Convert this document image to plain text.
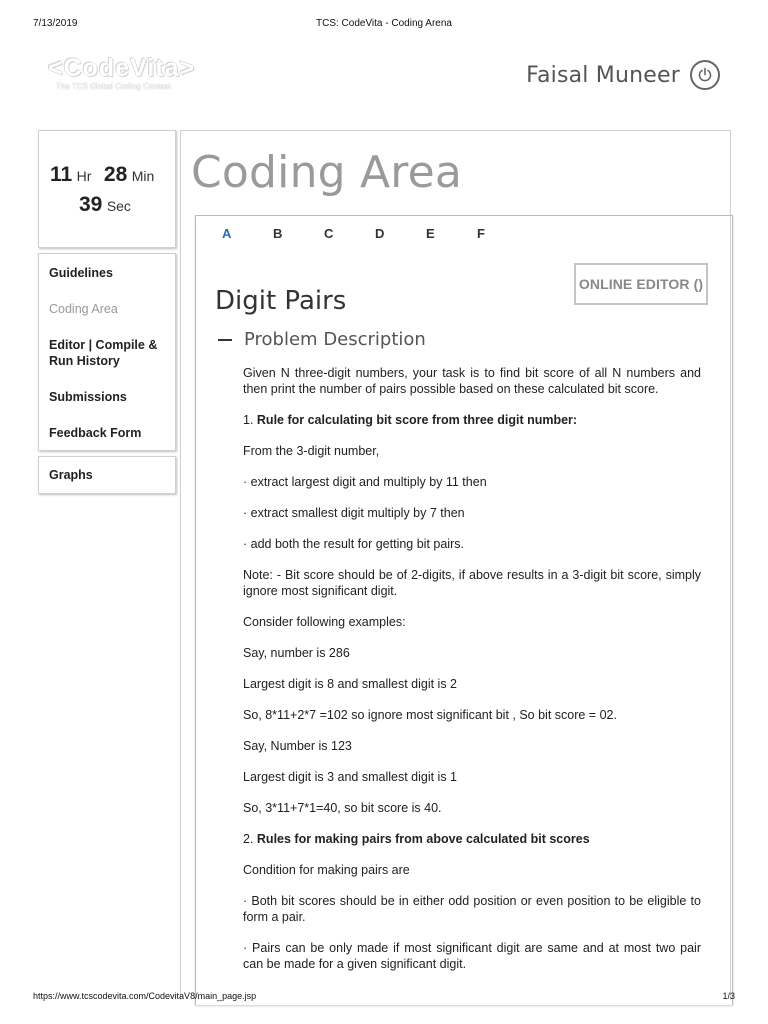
7/13/2019	TCS: CodeVita - Coding Arena
<CodeVita>
The TCS Global Coding Contest	Faisal Muneer
11 Hr 28 Min
39 Sec
Guidelines
Coding Area
Editor | Compile & Run History
Submissions
Feedback Form
Graphs
Coding Area
A	B	C	D	E	F
ONLINE EDITOR ()
Digit Pairs
Problem Description

Given N three-digit numbers, your task is to find bit score of all N numbers and then print the number of pairs possible based on these calculated bit score.

1. Rule for calculating bit score from three digit number:

From the 3-digit number,

· extract largest digit and multiply by 11 then

· extract smallest digit multiply by 7 then

· add both the result for getting bit pairs.

Note: - Bit score should be of 2-digits, if above results in a 3-digit bit score, simply ignore most significant digit.

Consider following examples:

Say, number is 286

Largest digit is 8 and smallest digit is 2

So, 8*11+2*7 =102 so ignore most significant bit , So bit score = 02.

Say, Number is 123

Largest digit is 3 and smallest digit is 1

So, 3*11+7*1=40, so bit score is 40.

2. Rules for making pairs from above calculated bit scores

Condition for making pairs are

· Both bit scores should be in either odd position or even position to be eligible to form a pair.

· Pairs can be only made if most significant digit are same and at most two pair can be made for a given significant digit.

https://www.tcscodevita.com/CodevitaV8/main_page.jsp	1/3
